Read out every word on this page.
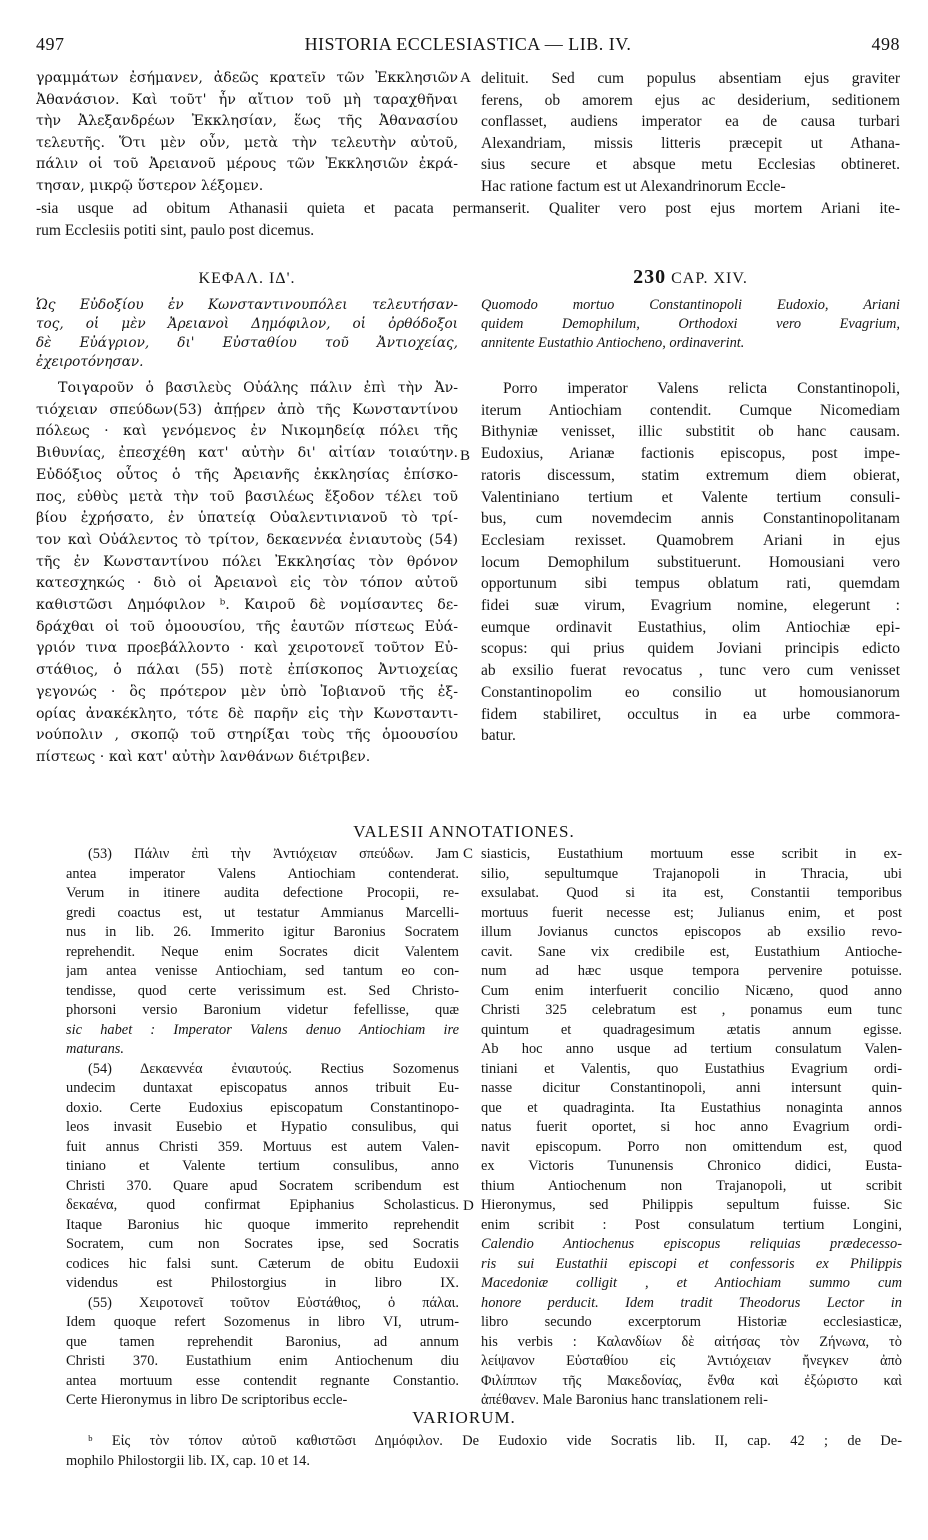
497	HISTORIA ECCLESIASTICA — LIB. IV.	498
γραμμάτων ἐσήμανεν, ἀδεῶς κρατεῖν τῶν Ἐκκλησιῶν
Ἀθανάσιον. Καὶ τοῦτ' ἦν αἴτιον τοῦ μὴ ταραχθῆναι
τὴν Ἀλεξανδρέων Ἐκκλησίαν, ἕως τῆς Ἀθανασίου
τελευτῆς. Ὅτι μὲν οὖν, μετὰ τὴν τελευτὴν αὐτοῦ,
πάλιν οἱ τοῦ Ἀρειανοῦ μέρους τῶν Ἐκκλησιῶν ἐκρά-
τησαν, μικρῷ ὕστερον λέξομεν.
A delituit. Sed cum populus absentiam ejus graviter
ferens, ob amorem ejus ac desiderium, seditionem
conflasset, audiens imperator ea de causa turbari
Alexandriam, missis litteris præcepit ut Athana-
sius secure et absque metu Ecclesias obtineret.
Hac ratione factum est ut Alexandrinorum Eccle-
-sia usque ad obitum Athanasii quieta et pacata permanserit. Qualiter vero post ejus mortem Ariani ite-
rum Ecclesiis potiti sint, paulo post dicemus.
ΚΕΦΑΛ. ΙΔ'.	230 CAP. XIV.
Ὡς Εὐδοξίου ἐν Κωνσταντινουπόλει τελευτήσαν-
τος, οἱ μὲν Ἀρειανοὶ Δημόφιλον, οἱ ὀρθόδοξοι
δὲ Εὐάγριον, δι' Εὐσταθίου τοῦ Ἀντιοχείας,
ἐχειροτόνησαν.
Quomodo mortuo Constantinopoli Eudoxio, Ariani
quidem Demophilum, Orthodoxi vero Evagrium,
annitente Eustathio Antiocheno, ordinaverint.
Τοιγαροῦν ὁ βασιλεὺς Οὐάλης πάλιν ἐπὶ τὴν Ἀν-
τιόχειαν σπεύδων(53) ἀπῄρεν ἀπὸ τῆς Κωνσταντίνου
πόλεως · καὶ γενόμενος ἐν Νικομηδείᾳ πόλει τῆς
Βιθυνίας, ἐπεσχέθη κατ' αὐτὴν δι' αἰτίαν τοιαύτην.
Εὐδόξιος οὗτος ὁ τῆς Ἀρειανῆς ἐκκλησίας ἐπίσκο-
πος, εὐθὺς μετὰ τὴν τοῦ βασιλέως ἔξοδον τέλει τοῦ
βίου ἐχρήσατο, ἐν ὑπατείᾳ Οὐαλεντινιανοῦ τὸ τρί-
τον καὶ Οὐάλεντος τὸ τρίτον, δεκαεννέα ἐνιαυτοὺς (54)
τῆς ἐν Κωνσταντίνου πόλει Ἐκκλησίας τὸν θρόνον
κατεσχηκώς · διὸ οἱ Ἀρειανοὶ εἰς τὸν τόπον αὐτοῦ
καθιστῶσι Δημόφιλον ᵇ. Καιροῦ δὲ νομίσαντες δε-
δράχθαι οἱ τοῦ ὁμοουσίου, τῆς ἑαυτῶν πίστεως Εὐά-
γριόν τινα προεβάλλοντο · καὶ χειροτονεῖ τοῦτον Εὐ-
στάθιος, ὁ πάλαι (55) ποτὲ ἐπίσκοπος Ἀντιοχείας
γεγονώς · ὃς πρότερον μὲν ὑπὸ Ἰοβιανοῦ τῆς ἐξ-
ορίας ἀνακέκλητο, τότε δὲ παρῆν εἰς τὴν Κωνσταντι-
νούπολιν , σκοπῷ τοῦ στηρίξαι τοὺς τῆς ὁμοουσίου
πίστεως · καὶ κατ' αὐτὴν λανθάνων διέτριβεν.
B
Porro imperator Valens relicta Constantinopoli,
iterum Antiochiam contendit. Cumque Nicomediam
Bithyniæ venisset, illic substitit ob hanc causam.
Eudoxius, Arianæ factionis episcopus, post impe-
ratoris discessum, statim extremum diem obierat,
Valentiniano tertium et Valente tertium consuli-
bus, cum novemdecim annis Constantinopolitanam
Ecclesiam rexisset. Quamobrem Ariani in ejus
locum Demophilum substituerunt. Homousiani vero
opportunum sibi tempus oblatum rati, quemdam
fidei suæ virum, Evagrium nomine, elegerunt :
eumque ordinavit Eustathius, olim Antiochiæ epi-
scopus: qui prius quidem Joviani principis edicto
ab exsilio fuerat revocatus , tunc vero cum venisset
Constantinopolim eo consilio ut homousianorum
fidem stabiliret, occultus in ea urbe commora-
batur.
VALESII ANNOTATIONES.
(53) Πάλιν ἐπὶ τὴν Ἀντιόχειαν σπεύδων. Jam
antea imperator Valens Antiochiam contenderat.
Verum in itinere audita defectione Procopii, re-
gredi coactus est, ut testatur Ammianus Marcelli-
nus in lib. 26. Immerito igitur Baronius Socratem
reprehendit. Neque enim Socrates dicit Valentem
jam antea venisse Antiochiam, sed tantum eo con-
tendisse, quod certe verissimum est. Sed Christo-
phorsoni versio Baronium videtur fefellisse, quæ
sic habet : Imperator Valens denuo Antiochiam ire
maturans.
(54) Δεκαεννέα ἐνιαυτούς. Rectius Sozomenus
undecim duntaxat episcopatus annos tribuit Eu-
doxio. Certe Eudoxius episcopatum Constantinopo-
leos invasit Eusebio et Hypatio consulibus, qui
fuit annus Christi 359. Mortuus est autem Valen-
tiniano et Valente tertium consulibus, anno
Christi 370. Quare apud Socratem scribendum est
δεκαένα, quod confirmat Epiphanius Scholasticus.
Itaque Baronius hic quoque immerito reprehendit
Socratem, cum non Socrates ipse, sed Socratis
codices hic falsi sunt. Cæterum de obitu Eudoxii
videndus est Philostorgius in libro IX.
(55) Χειροτονεῖ τοῦτον Εὐστάθιος, ὁ πάλαι.
Idem quoque refert Sozomenus in libro VI, utrum-
que tamen reprehendit Baronius, ad annum
Christi 370. Eustathium enim Antiochenum diu
antea mortuum esse contendit regnante Constantio.
Certe Hieronymus in libro De scriptoribus eccle-
C
D
siasticis, Eustathium mortuum esse scribit in ex-
silio, sepultumque Trajanopoli in Thracia, ubi
exsulabat. Quod si ita est, Constantii temporibus
mortuus fuerit necesse est; Julianus enim, et post
illum Jovianus cunctos episcopos ab exsilio revo-
cavit. Sane vix credibile est, Eustathium Antioche-
num ad hæc usque tempora pervenire potuisse.
Cum enim interfuerit concilio Nicæno, quod anno
Christi 325 celebratum est , ponamus eum tunc
quintum et quadragesimum ætatis annum egisse.
Ab hoc anno usque ad tertium consulatum Valen-
tiniani et Valentis, quo Eustathius Evagrium ordi-
nasse dicitur Constantinopoli, anni intersunt quin-
que et quadraginta. Ita Eustathius nonaginta annos
natus fuerit oportet, si hoc anno Evagrium ordi-
navit episcopum. Porro non omittendum est, quod
ex Victoris Tununensis Chronico didici, Eusta-
thium Antiochenum non Trajanopoli, ut scribit
Hieronymus, sed Philippis sepultum fuisse. Sic
enim scribit : Post consulatum tertium Longini,
Calendio Antiochenus episcopus reliquias prædecesso-
ris sui Eustathii episcopi et confessoris ex Philippis
Macedoniæ colligit , et Antiochiam summo cum
honore perducit. Idem tradit Theodorus Lector in
libro secundo excerptorum Historiæ ecclesiasticæ,
his verbis : Καλανδίων δὲ αἰτήσας τὸν Ζήνωνα, τὸ
λείψανον Εὐσταθίου εἰς Ἀντιόχειαν ἤνεγκεν ἀπὸ
Φιλίππων τῆς Μακεδονίας, ἔνθα καὶ ἐξώριστο καὶ
ἀπέθανεν. Male Baronius hanc translationem reli-
VARIORUM.
ᵇ Εἰς τὸν τόπον αὐτοῦ καθιστῶσι Δημόφιλον. De Eudoxio vide Socratis lib. II, cap. 42 ; de De-
mophilo Philostorgii lib. IX, cap. 10 et 14.
